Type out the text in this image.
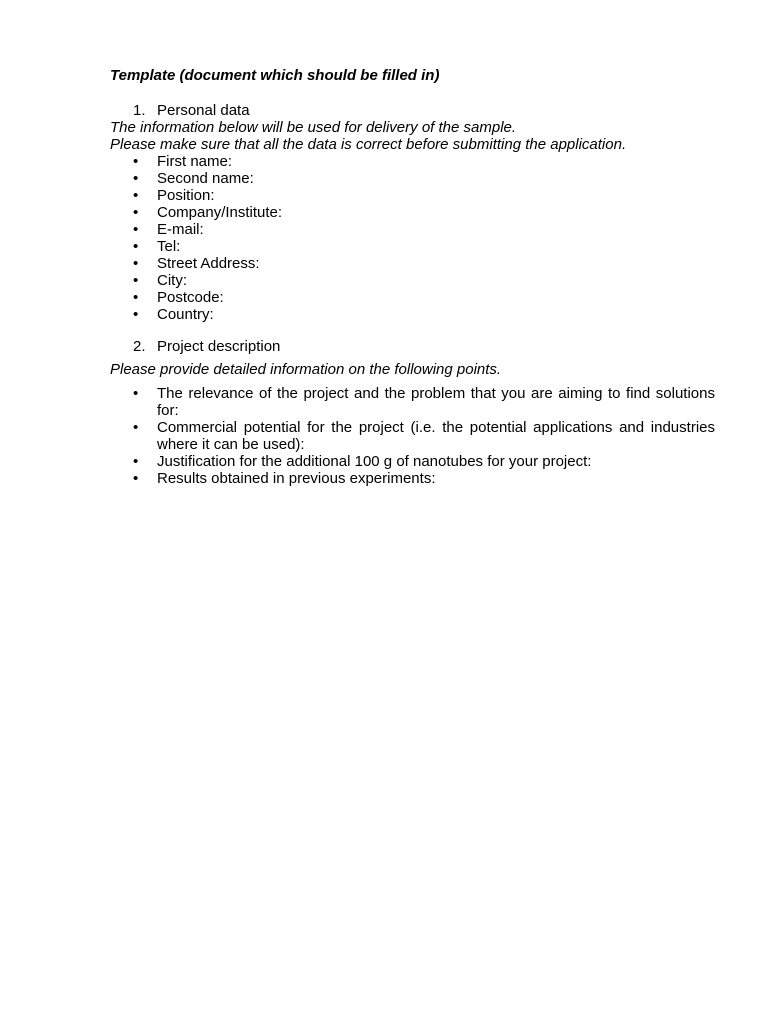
Template (document which should be filled in)

1. Personal data

The information below will be used for delivery of the sample.

Please make sure that all the data is correct before submitting the application.

• First name:
• Second name:
• Position:
• Company/Institute:
• E-mail:
• Tel:
• Street Address:
• City:
• Postcode:
• Country:

2. Project description

Please provide detailed information on the following points.

• The relevance of the project and the problem that you are aiming to find solutions for:
• Commercial potential for the project (i.e. the potential applications and industries where it can be used):
• Justification for the additional 100 g of nanotubes for your project:
• Results obtained in previous experiments:
